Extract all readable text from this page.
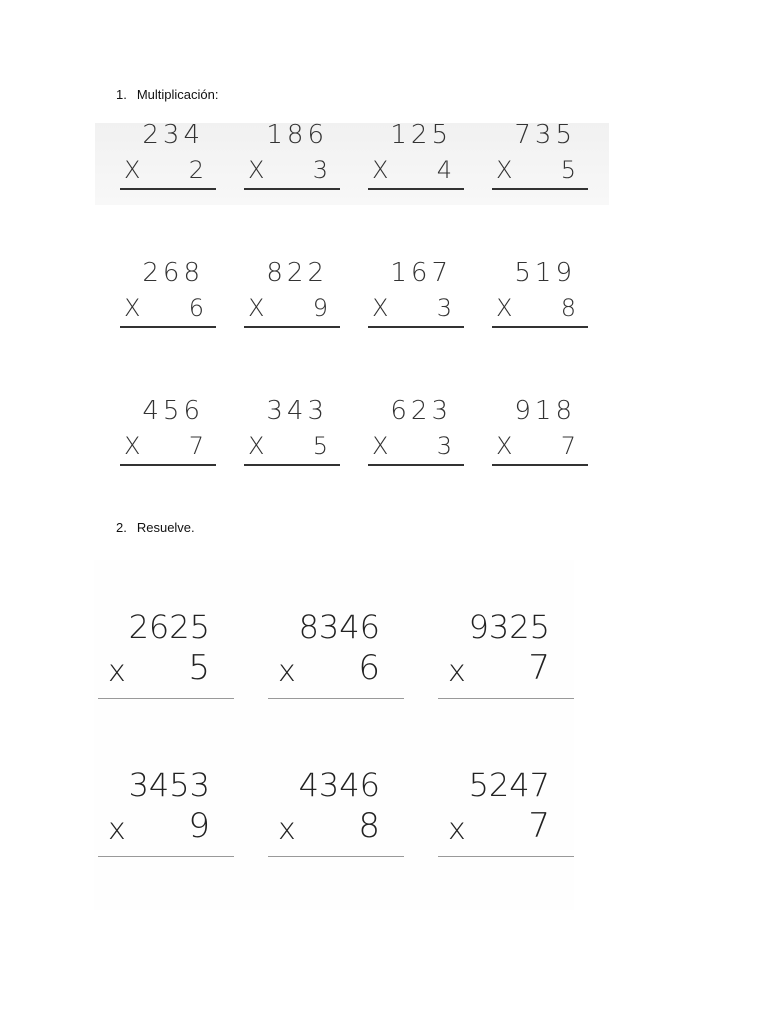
1. Multiplicación:
234
X 2
186
X 3
125
X 4
735
X 5
268
X 6
822
X 9
167
X 3
519
X 8
456
X 7
343
X 5
623
X 3
918
X 7
2. Resuelve.
2625
x 5
8346
x 6
9325
x 7
3453
x 9
4346
x 8
5247
x 7
